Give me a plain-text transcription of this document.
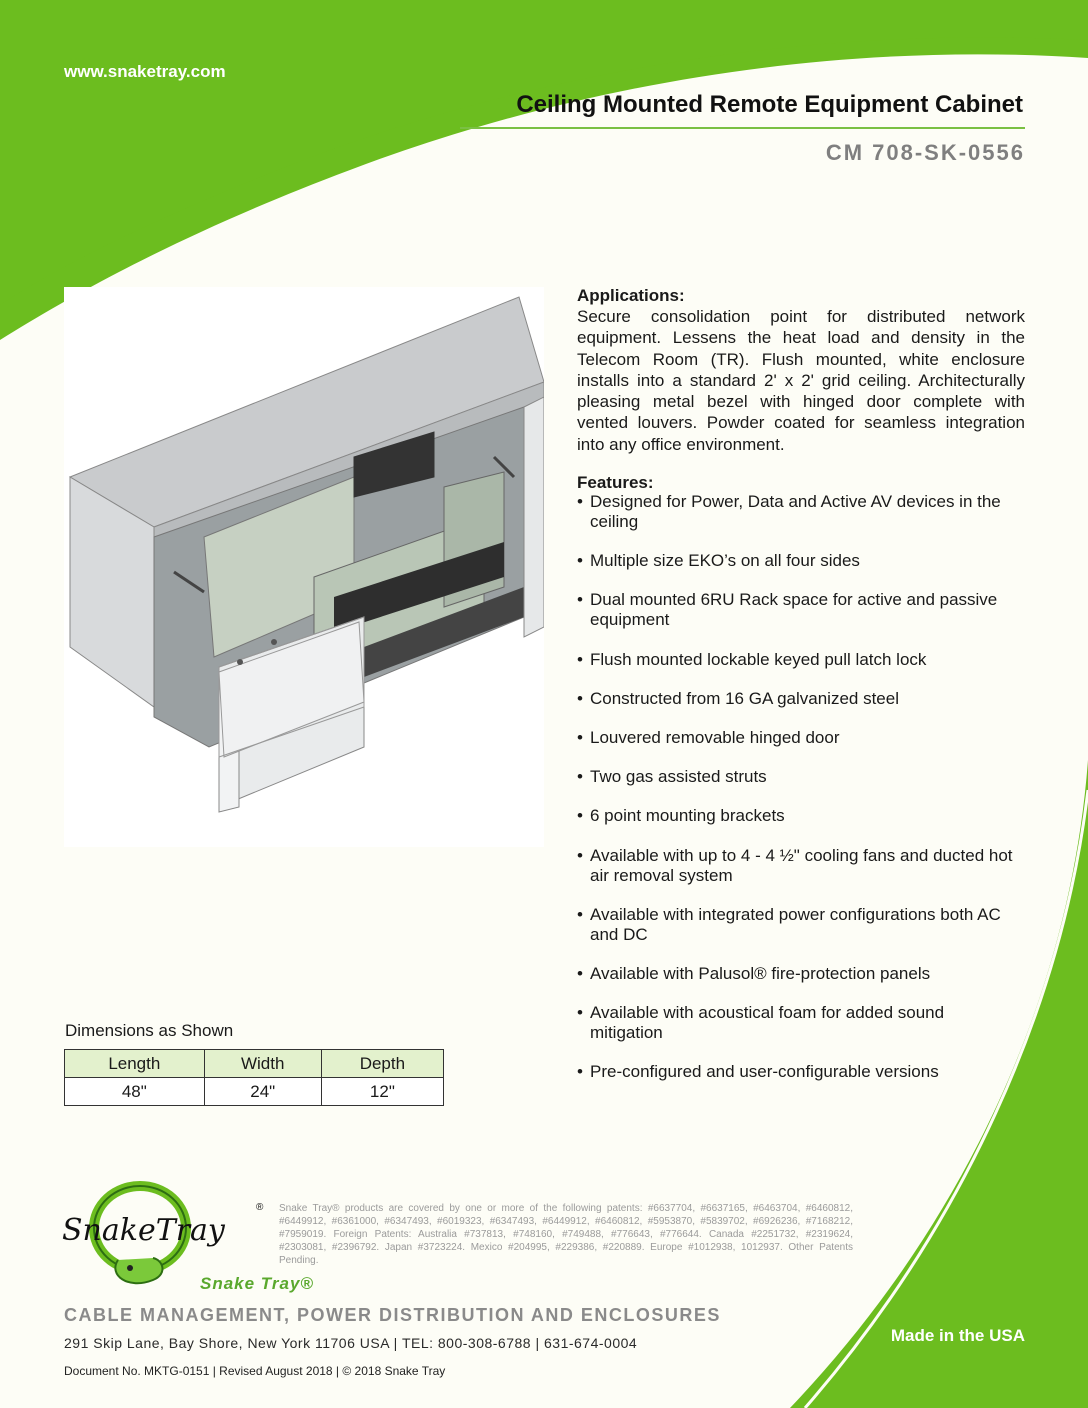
www.snaketray.com
Ceiling Mounted Remote Equipment Cabinet
CM 708-SK-0556
Applications:
Secure consolidation point for distributed network equipment. Lessens the heat load and density in the Telecom Room (TR). Flush mounted, white enclosure installs into a standard 2' x 2' grid ceiling. Architecturally pleasing metal bezel with hinged door complete with vented louvers. Powder coated for seamless integration into any office environment.
Features:
• Designed for Power, Data and Active AV devices in the ceiling
• Multiple size EKO’s on all four sides
• Dual mounted 6RU Rack space for active and passive equipment
• Flush mounted lockable keyed pull latch lock
• Constructed from 16 GA galvanized steel
• Louvered removable hinged door
• Two gas assisted struts
• 6 point mounting brackets
• Available with up to 4 - 4 ½" cooling fans and ducted hot air removal system
• Available with integrated power configurations both AC and DC
• Available with Palusol® fire-protection panels
• Available with acoustical foam for added sound mitigation
• Pre-configured and user-configurable versions
Dimensions as Shown
Length	Width	Depth
48"	24"	12"
SnakeTray
®
Snake Tray®
Snake Tray® products are covered by one or more of the following patents: #6637704, #6637165, #6463704, #6460812, #6449912, #6361000, #6347493, #6019323, #6347493, #6449912, #6460812, #5953870, #5839702, #6926236, #7168212, #7959019. Foreign Patents: Australia #737813, #748160, #749488, #776643, #776644. Canada #2251732, #2319624, #2303081, #2396792. Japan #3723224. Mexico #204995, #229386, #220889. Europe #1012938, 1012937. Other Patents Pending.
CABLE MANAGEMENT, POWER DISTRIBUTION AND ENCLOSURES
291 Skip Lane, Bay Shore, New York 11706 USA | TEL: 800-308-6788 | 631-674-0004	Made in the USA
Document No. MKTG-0151 | Revised August 2018 | © 2018 Snake Tray
